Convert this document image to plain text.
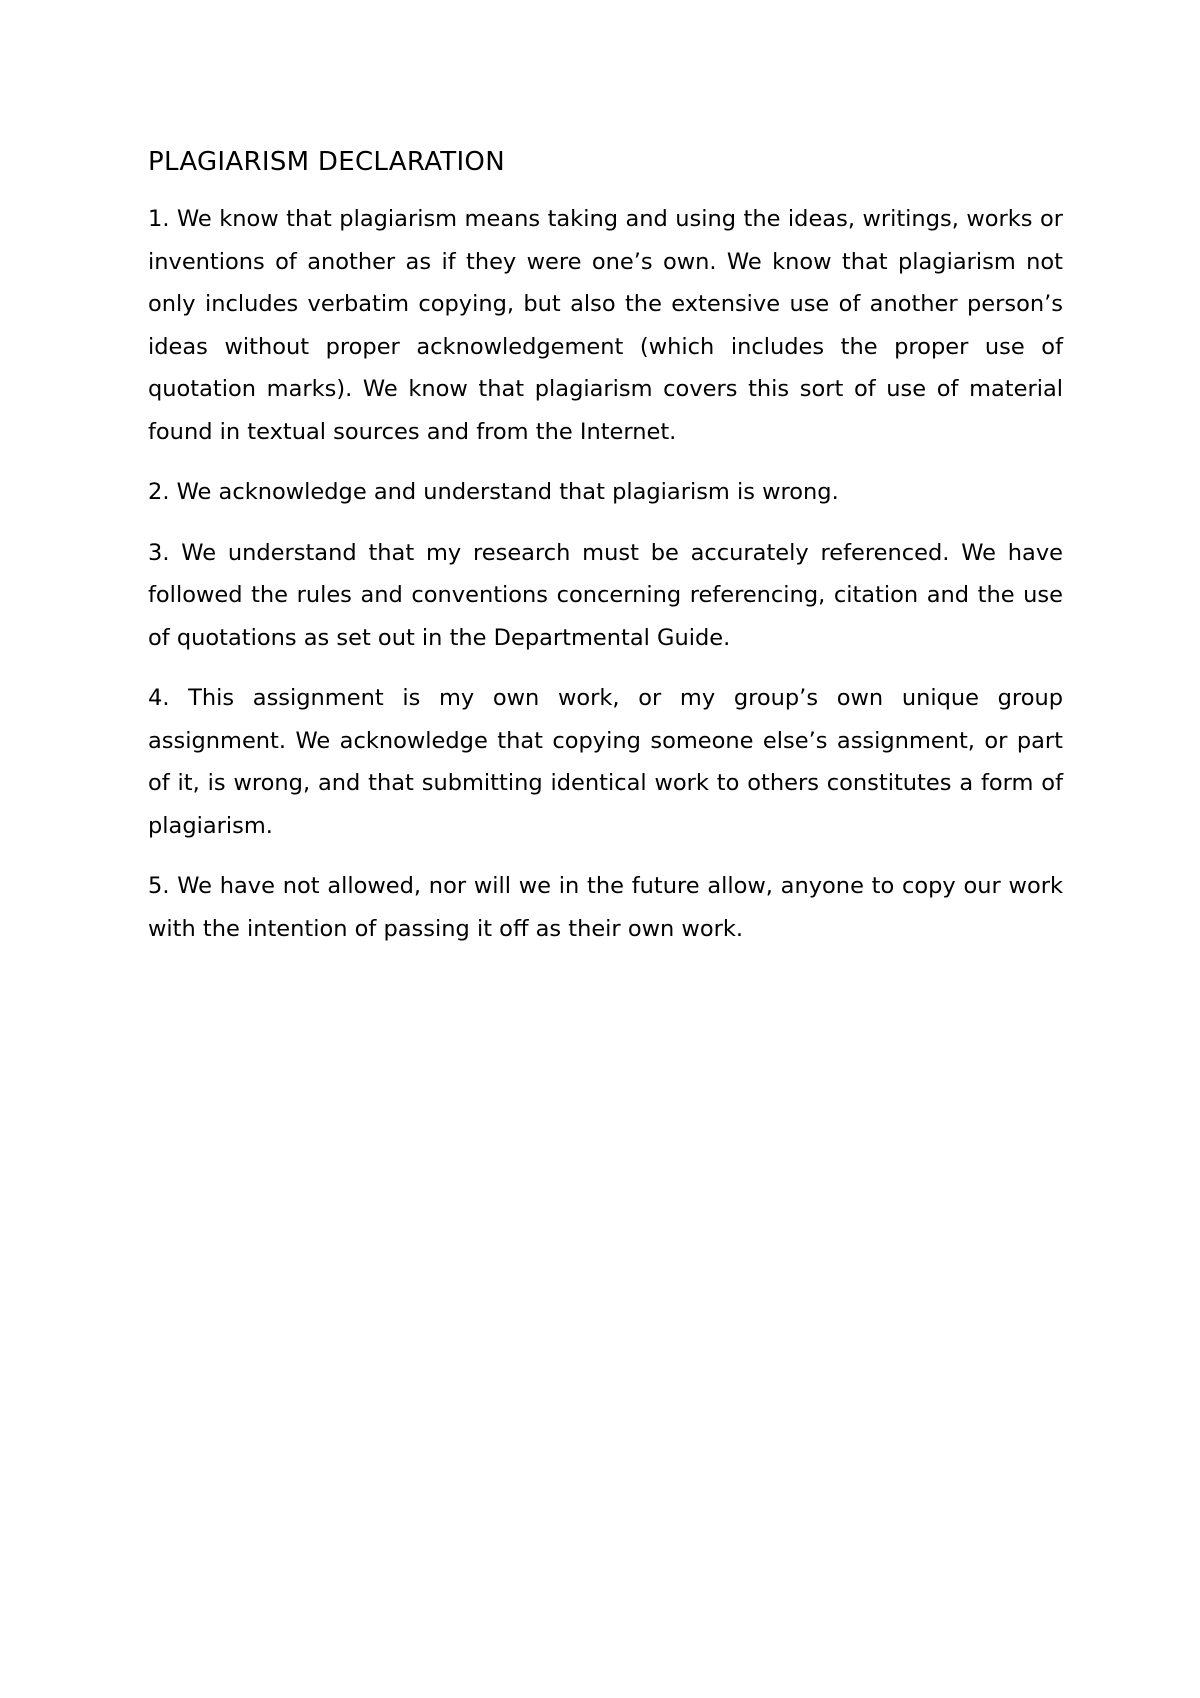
PLAGIARISM DECLARATION

1. We know that plagiarism means taking and using the ideas, writings, works or inventions of another as if they were one’s own. We know that plagiarism not only includes verbatim copying, but also the extensive use of another person’s ideas without proper acknowledgement (which includes the proper use of quotation marks). We know that plagiarism covers this sort of use of material found in textual sources and from the Internet.

2. We acknowledge and understand that plagiarism is wrong.

3. We understand that my research must be accurately referenced. We have followed the rules and conventions concerning referencing, citation and the use of quotations as set out in the Departmental Guide.

4. This assignment is my own work, or my group’s own unique group assignment. We acknowledge that copying someone else’s assignment, or part of it, is wrong, and that submitting identical work to others constitutes a form of plagiarism.

5. We have not allowed, nor will we in the future allow, anyone to copy our work with the intention of passing it off as their own work.
